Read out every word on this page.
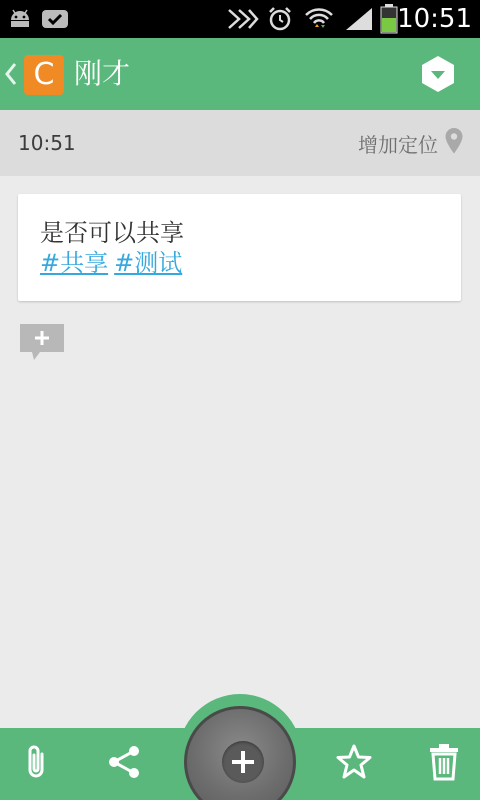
10:51
C 刚才
10:51	增加定位
是否可以共享
#共享 #测试
